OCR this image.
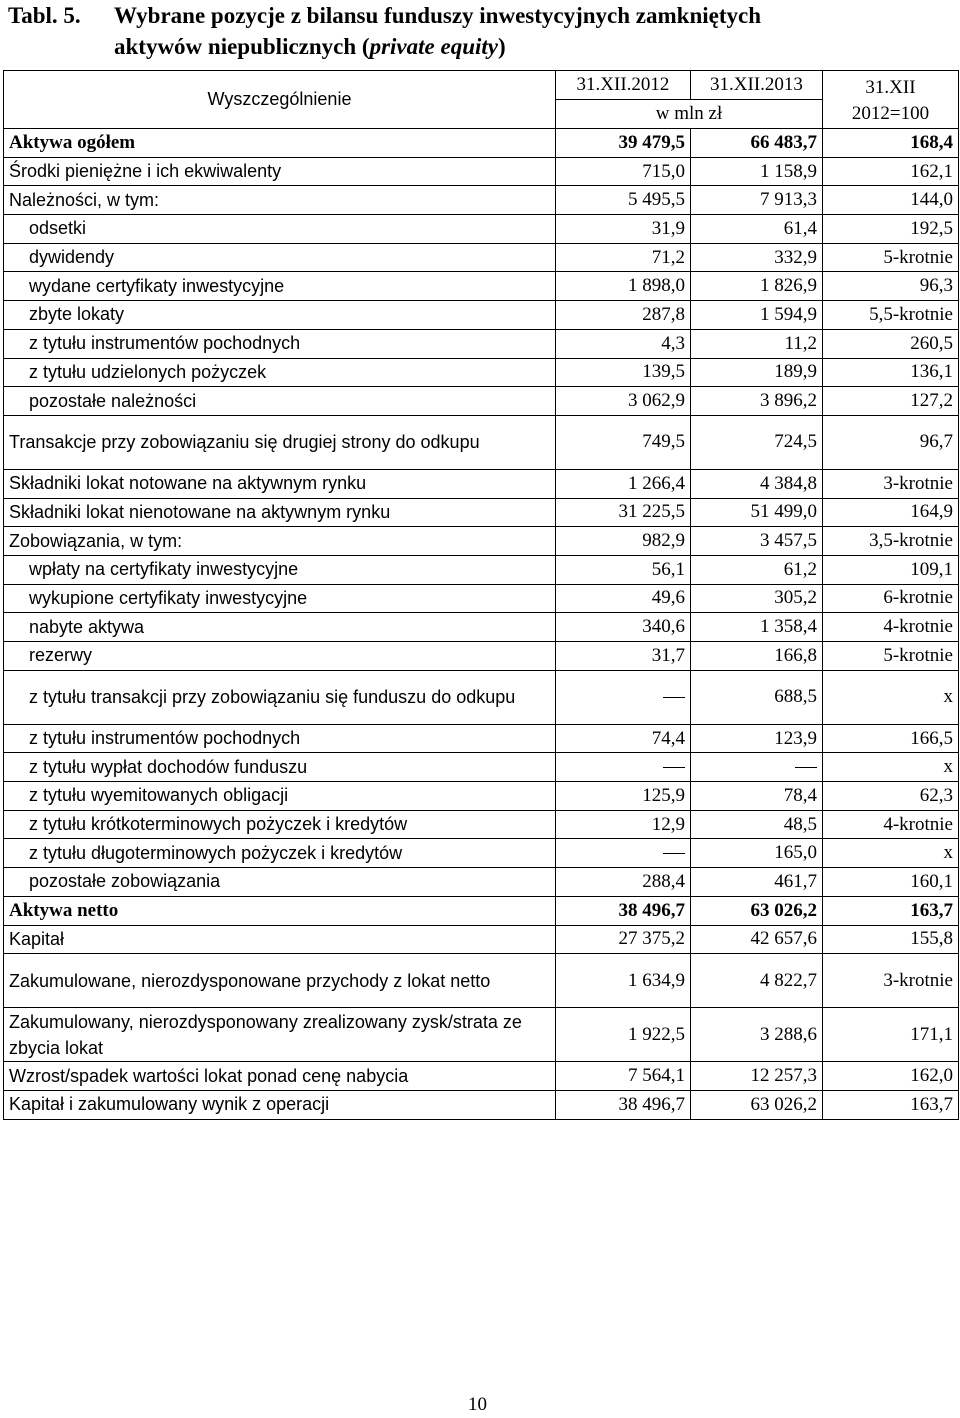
Tabl. 5.	Wybrane pozycje z bilansu funduszy inwestycyjnych zamkniętych
aktywów niepublicznych (private equity)
Wyszczególnienie	31.XII.2012	31.XII.2013	31.XII
2012=100

	w mln zł		
Aktywa ogółem	39 479,5	66 483,7	168,4
Środki pieniężne i ich ekwiwalenty	715,0	1 158,9	162,1
Należności, w tym:	5 495,5	7 913,3	144,0
odsetki	31,9	61,4	192,5
dywidendy	71,2	332,9	5-krotnie
wydane certyfikaty inwestycyjne	1 898,0	1 826,9	96,3
zbyte lokaty	287,8	1 594,9	5,5-krotnie
z tytułu instrumentów pochodnych	4,3	11,2	260,5
z tytułu udzielonych pożyczek	139,5	189,9	136,1
pozostałe należności	3 062,9	3 896,2	127,2
Transakcje przy zobowiązaniu się drugiej strony do odkupu	749,5	724,5	96,7
Składniki lokat notowane na aktywnym rynku	1 266,4	4 384,8	3-krotnie
Składniki lokat nienotowane na aktywnym rynku	31 225,5	51 499,0	164,9
Zobowiązania, w tym:	982,9	3 457,5	3,5-krotnie
wpłaty na certyfikaty inwestycyjne	56,1	61,2	109,1
wykupione certyfikaty inwestycyjne	49,6	305,2	6-krotnie
nabyte aktywa	340,6	1 358,4	4-krotnie
rezerwy	31,7	166,8	5-krotnie
z tytułu transakcji przy zobowiązaniu się funduszu do odkupu		688,5	x
z tytułu instrumentów pochodnych	74,4	123,9	166,5
z tytułu wypłat dochodów funduszu			x
z tytułu wyemitowanych obligacji	125,9	78,4	62,3
z tytułu krótkoterminowych pożyczek i kredytów	12,9	48,5	4-krotnie
z tytułu długoterminowych pożyczek i kredytów		165,0	x
pozostałe zobowiązania	288,4	461,7	160,1
Aktywa netto	38 496,7	63 026,2	163,7
Kapitał	27 375,2	42 657,6	155,8
Zakumulowane, nierozdysponowane przychody z lokat netto	1 634,9	4 822,7	3-krotnie
Zakumulowany, nierozdysponowany zrealizowany zysk/strata ze zbycia lokat	1 922,5	3 288,6	171,1
Wzrost/spadek wartości lokat ponad cenę nabycia	7 564,1	12 257,3	162,0
Kapitał i zakumulowany wynik z operacji	38 496,7	63 026,2	163,7
10
